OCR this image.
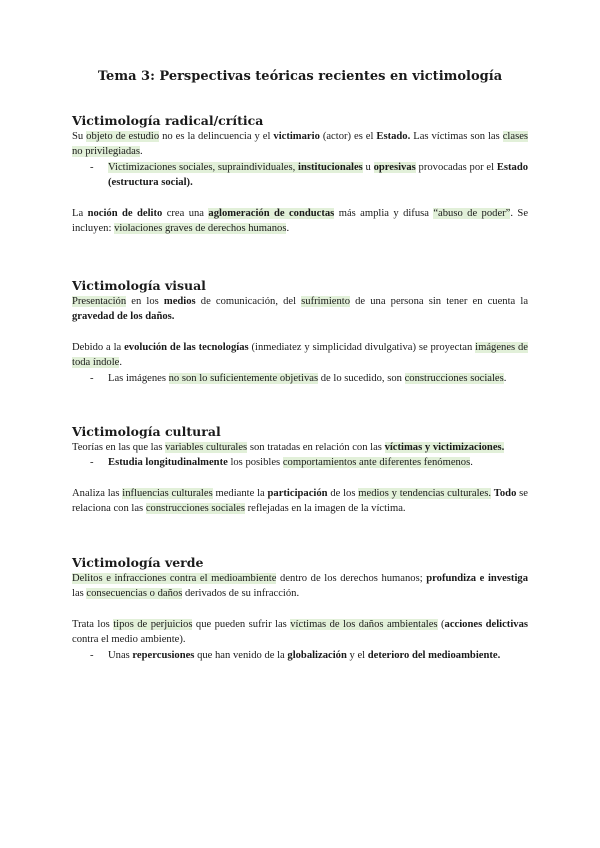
Tema 3: Perspectivas teóricas recientes en victimología
Victimología radical/crítica

Su objeto de estudio no es la delincuencia y el victimario (actor) es el Estado. Las víctimas son las clases no privilegiadas.

-	Victimizaciones sociales, supraindividuales, institucionales u opresivas provocadas por el Estado (estructura social).

La noción de delito crea una aglomeración de conductas más amplia y difusa “abuso de poder”. Se incluyen: violaciones graves de derechos humanos.

Victimología visual

Presentación en los medios de comunicación, del sufrimiento de una persona sin tener en cuenta la gravedad de los daños.

Debido a la evolución de las tecnologías (inmediatez y simplicidad divulgativa) se proyectan imágenes de toda índole.

-	Las imágenes no son lo suficientemente objetivas de lo sucedido, son construcciones sociales.
Victimología cultural

Teorías en las que las variables culturales son tratadas en relación con las víctimas y victimizaciones.

-	Estudia longitudinalmente los posibles comportamientos ante diferentes fenómenos.

Analiza las influencias culturales mediante la participación de los medios y tendencias culturales. Todo se relaciona con las construcciones sociales reflejadas en la imagen de la víctima.

Victimología verde

Delitos e infracciones contra el medioambiente dentro de los derechos humanos; profundiza e investiga las consecuencias o daños derivados de su infracción.

Trata los tipos de perjuicios que pueden sufrir las víctimas de los daños ambientales (acciones delictivas contra el medio ambiente).

-	Unas repercusiones que han venido de la globalización y el deterioro del medioambiente.
